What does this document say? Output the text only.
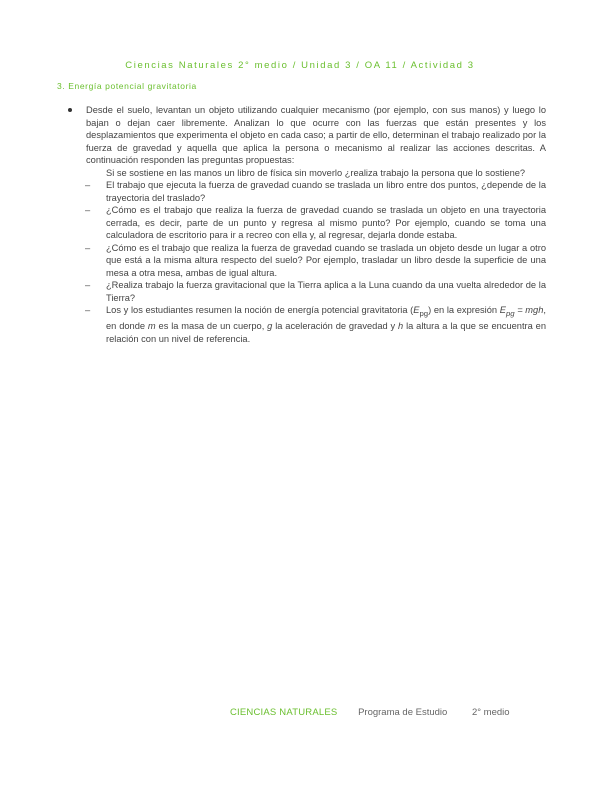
Ciencias Naturales 2° medio / Unidad 3 / OA 11 / Actividad 3
3. Energía potencial gravitatoria
Desde el suelo, levantan un objeto utilizando cualquier mecanismo (por ejemplo, con sus manos) y luego lo bajan o dejan caer libremente. Analizan lo que ocurre con las fuerzas que están presentes y los desplazamientos que experimenta el objeto en cada caso; a partir de ello, determinan el trabajo realizado por la fuerza de gravedad y aquella que aplica la persona o mecanismo al realizar las acciones descritas. A continuación responden las preguntas propuestas:
Si se sostiene en las manos un libro de física sin moverlo ¿realiza trabajo la persona que lo sostiene?
– El trabajo que ejecuta la fuerza de gravedad cuando se traslada un libro entre dos puntos, ¿depende de la trayectoria del traslado?
– ¿Cómo es el trabajo que realiza la fuerza de gravedad cuando se traslada un objeto en una trayectoria cerrada, es decir, parte de un punto y regresa al mismo punto? Por ejemplo, cuando se toma una calculadora de escritorio para ir a recreo con ella y, al regresar, dejarla donde estaba.
– ¿Cómo es el trabajo que realiza la fuerza de gravedad cuando se traslada un objeto desde un lugar a otro que está a la misma altura respecto del suelo? Por ejemplo, trasladar un libro desde la superficie de una mesa a otra mesa, ambas de igual altura.
– ¿Realiza trabajo la fuerza gravitacional que la Tierra aplica a la Luna cuando da una vuelta alrededor de la Tierra?
– Los y los estudiantes resumen la noción de energía potencial gravitatoria $(E_{pg})$ en la expresión $E_{pg}$ = mgh, en donde m es la masa de un cuerpo, g la aceleración de gravedad y h la altura a la que se encuentra en relación con un nivel de referencia.
CIENCIAS NATURALES Programa de Estudio	2° medio
